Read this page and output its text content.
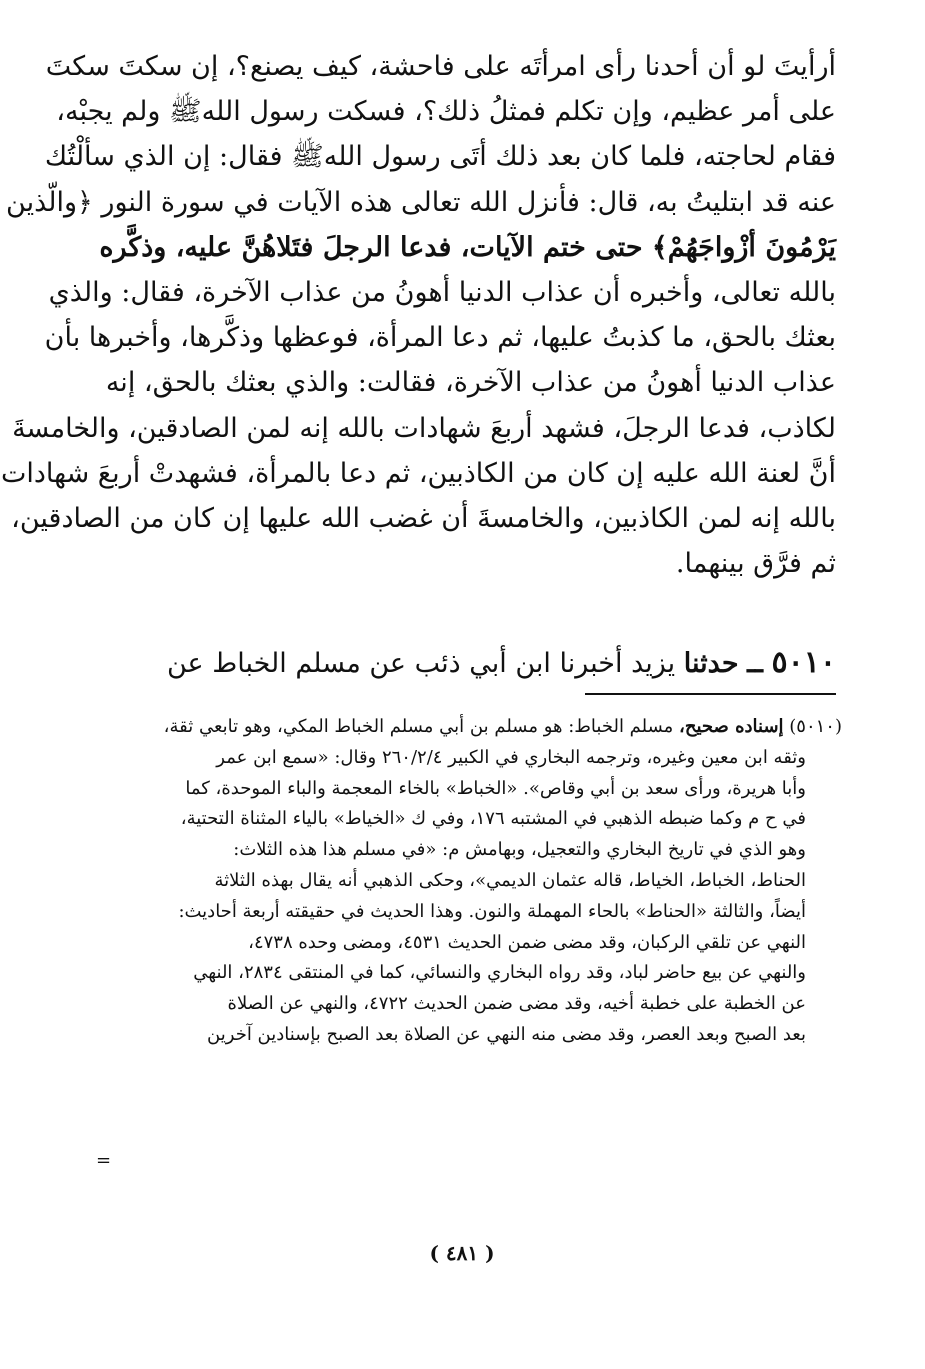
أرأيتَ لو أن أحدنا رأى امرأتَه على فاحشة، كيف يصنع؟، إن سكتَ سكتَ
على أمر عظيم، وإن تكلم فمثلُ ذلك؟، فسكت رسول اللهﷺ ولم يجبْه،
فقام لحاجته، فلما كان بعد ذلك أتَى رسول اللهﷺ فقال: إن الذي سألْتُك
عنه قد ابتليتُ به، قال: فأنزل الله تعالى هذه الآيات في سورة النور ﴿والّذين
يَرْمُونَ أزْواجَهُمْ﴾ حتى ختم الآيات، فدعا الرجلَ فتَلاهُنَّ عليه، وذكَّره
بالله تعالى، وأخبره أن عذاب الدنيا أهونُ من عذاب الآخرة، فقال: والذي
بعثك بالحق، ما كذبتُ عليها، ثم دعا المرأة، فوعظها وذكَّرها، وأخبرها بأن
عذاب الدنيا أهونُ من عذاب الآخرة، فقالت: والذي بعثك بالحق، إنه
لكاذب، فدعا الرجلَ، فشهد أربعَ شهادات بالله إنه لمن الصادقين، والخامسةَ
أنَّ لعنة الله عليه إن كان من الكاذبين، ثم دعا بالمرأة، فشهدتْ أربعَ شهادات
بالله إنه لمن الكاذبين، والخامسةَ أن غضب الله عليها إن كان من الصادقين،
ثم فرَّق بينهما.
٥٠١٠ ــ حدثنا يزيد أخبرنا ابن أبي ذئب عن مسلم الخباط عن
(٥٠١٠) إسناده صحيح، مسلم الخباط: هو مسلم بن أبي مسلم الخباط المكي، وهو تابعي ثقة،
وثقه ابن معين وغيره، وترجمه البخاري في الكبير ٢٦٠/٢/٤ وقال: «سمع ابن عمر
وأبا هريرة، ورأى سعد بن أبي وقاص». «الخباط» بالخاء المعجمة والباء الموحدة، كما
في ح م وكما ضبطه الذهبي في المشتبه ١٧٦، وفي ك «الخياط» بالياء المثناة التحتية،
وهو الذي في تاريخ البخاري والتعجيل، وبهامش م: «في مسلم هذا هذه الثلاث:
الحناط، الخباط، الخياط، قاله عثمان الديمي»، وحكى الذهبي أنه يقال بهذه الثلاثة
أيضاً، والثالثة «الحناط» بالحاء المهملة والنون. وهذا الحديث في حقيقته أربعة أحاديث:
النهي عن تلقي الركبان، وقد مضى ضمن الحديث ٤٥٣١، ومضى وحده ٤٧٣٨،
والنهي عن بيع حاضر لباد، وقد رواه البخاري والنسائي، كما في المنتقى ٢٨٣٤، النهي
عن الخطبة على خطبة أخيه، وقد مضى ضمن الحديث ٤٧٢٢، والنهي عن الصلاة
بعد الصبح وبعد العصر، وقد مضى منه النهي عن الصلاة بعد الصبح بإسنادين آخرين
=
( ٤٨١ )
